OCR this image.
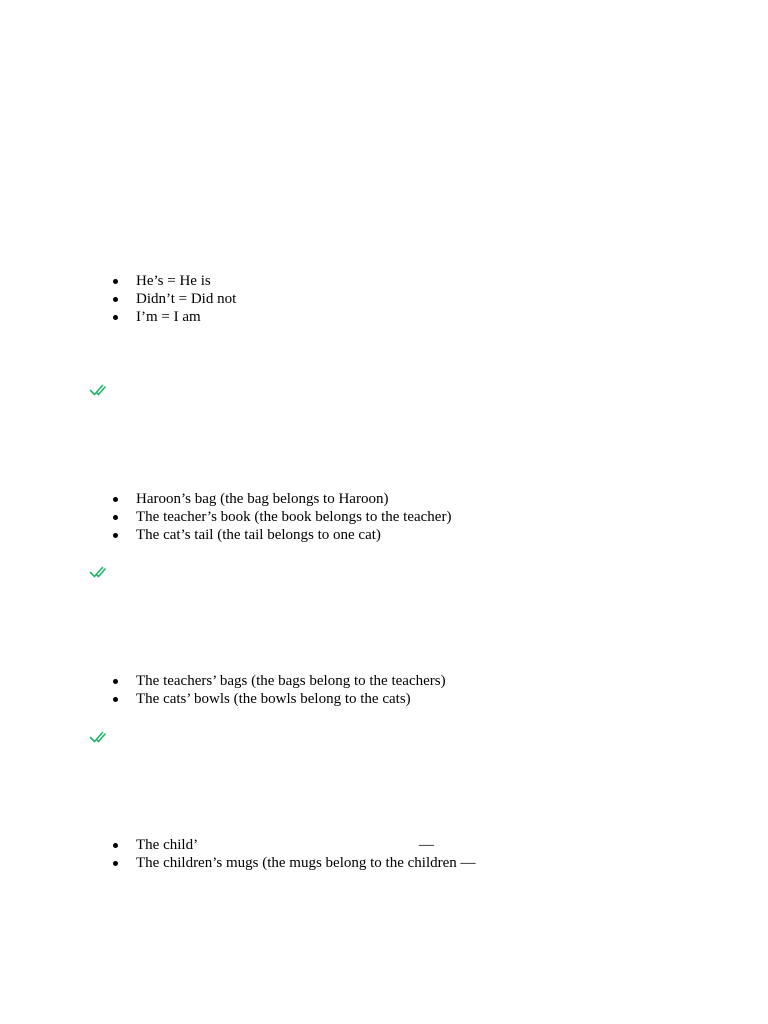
He’s = He is
Didn’t = Did not
I’m = I am
Haroon’s bag (the bag belongs to Haroon)
The teacher’s book (the book belongs to the teacher)
The cat’s tail (the tail belongs to one cat)
The teachers’ bags (the bags belong to the teachers)
The cats’ bowls (the bowls belong to the cats)
The child’	—
The children’s mugs (the mugs belong to the children —
